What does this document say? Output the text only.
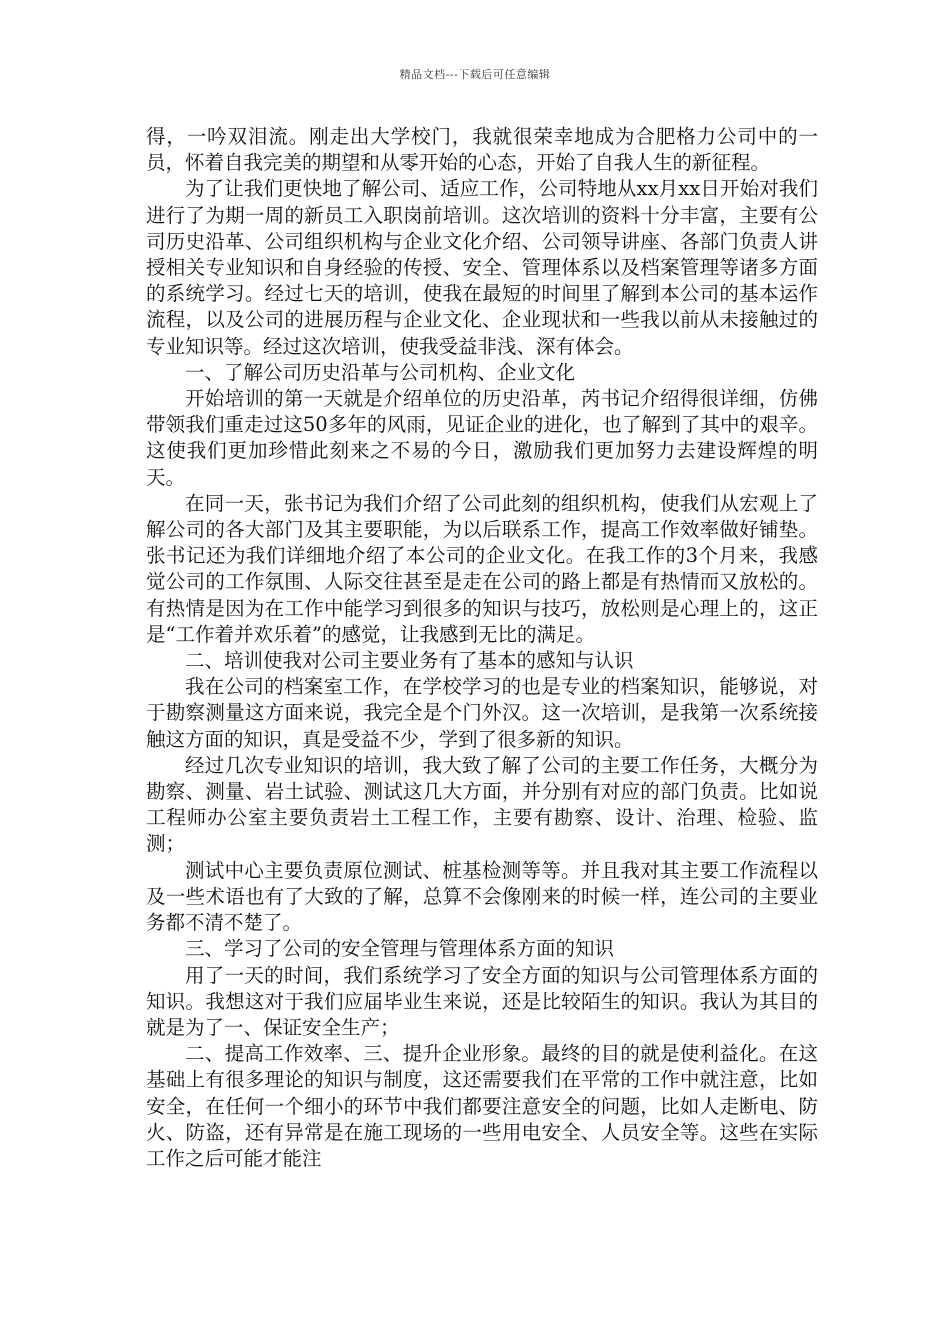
精品文档---下载后可任意编辑

得，一吟双泪流。刚走出大学校门，我就很荣幸地成为合肥格力公司中的一员，怀着自我完美的期望和从零开始的心态，开始了自我人生的新征程。

为了让我们更快地了解公司、适应工作，公司特地从xx月xx日开始对我们进行了为期一周的新员工入职岗前培训。这次培训的资料十分丰富，主要有公司历史沿革、公司组织机构与企业文化介绍、公司领导讲座、各部门负责人讲授相关专业知识和自身经验的传授、安全、管理体系以及档案管理等诸多方面的系统学习。经过七天的培训，使我在最短的时间里了解到本公司的基本运作流程，以及公司的进展历程与企业文化、企业现状和一些我以前从未接触过的专业知识等。经过这次培训，使我受益非浅、深有体会。

一、了解公司历史沿革与公司机构、企业文化

开始培训的第一天就是介绍单位的历史沿革，芮书记介绍得很详细，仿佛带领我们重走过这50多年的风雨，见证企业的进化，也了解到了其中的艰辛。这使我们更加珍惜此刻来之不易的今日，激励我们更加努力去建设辉煌的明天。

在同一天，张书记为我们介绍了公司此刻的组织机构，使我们从宏观上了解公司的各大部门及其主要职能，为以后联系工作，提高工作效率做好铺垫。张书记还为我们详细地介绍了本公司的企业文化。在我工作的3个月来，我感觉公司的工作氛围、人际交往甚至是走在公司的路上都是有热情而又放松的。有热情是因为在工作中能学习到很多的知识与技巧，放松则是心理上的，这正是“工作着并欢乐着”的感觉，让我感到无比的满足。

二、培训使我对公司主要业务有了基本的感知与认识

我在公司的档案室工作，在学校学习的也是专业的档案知识，能够说，对于勘察测量这方面来说，我完全是个门外汉。这一次培训，是我第一次系统接触这方面的知识，真是受益不少，学到了很多新的知识。

经过几次专业知识的培训，我大致了解了公司的主要工作任务，大概分为勘察、测量、岩土试验、测试这几大方面，并分别有对应的部门负责。比如说工程师办公室主要负责岩土工程工作，主要有勘察、设计、治理、检验、监测；

测试中心主要负责原位测试、桩基检测等等。并且我对其主要工作流程以及一些术语也有了大致的了解，总算不会像刚来的时候一样，连公司的主要业务都不清不楚了。

三、学习了公司的安全管理与管理体系方面的知识

用了一天的时间，我们系统学习了安全方面的知识与公司管理体系方面的知识。我想这对于我们应届毕业生来说，还是比较陌生的知识。我认为其目的就是为了一、保证安全生产；

二、提高工作效率、三、提升企业形象。最终的目的就是使利益化。在这基础上有很多理论的知识与制度，这还需要我们在平常的工作中就注意，比如安全，在任何一个细小的环节中我们都要注意安全的问题，比如人走断电、防火、防盗，还有异常是在施工现场的一些用电安全、人员安全等。这些在实际工作之后可能才能注
